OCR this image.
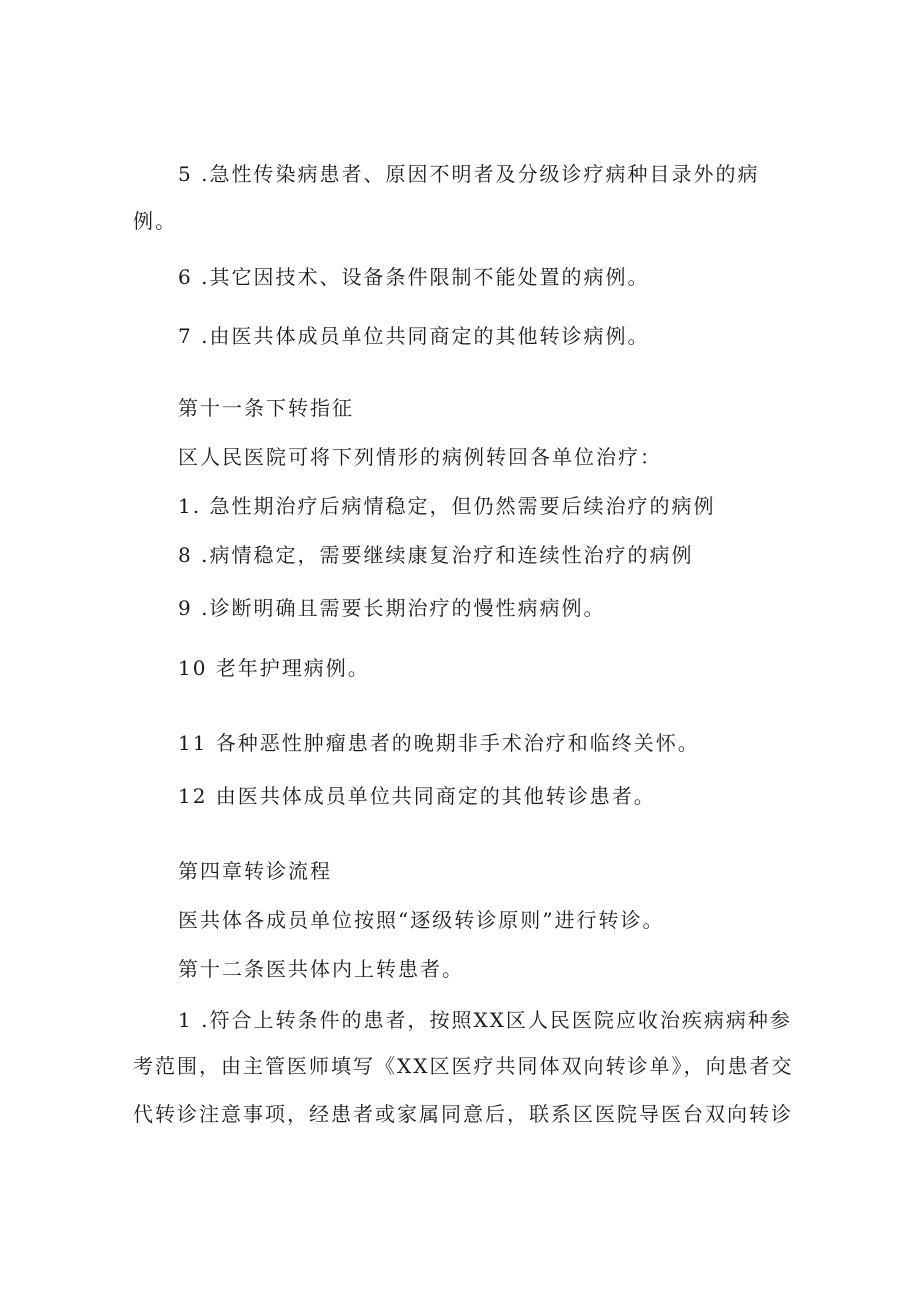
5 .急性传染病患者、原因不明者及分级诊疗病种目录外的病
例。
6 .其它因技术、设备条件限制不能处置的病例。
7 .由医共体成员单位共同商定的其他转诊病例。
第十一条下转指征
区人民医院可将下列情形的病例转回各单位治疗：
1. 急性期治疗后病情稳定，但仍然需要后续治疗的病例
8 .病情稳定，需要继续康复治疗和连续性治疗的病例
9 .诊断明确且需要长期治疗的慢性病病例。
10 老年护理病例。
11 各种恶性肿瘤患者的晚期非手术治疗和临终关怀。
12 由医共体成员单位共同商定的其他转诊患者。
第四章转诊流程
医共体各成员单位按照“逐级转诊原则”进行转诊。
第十二条医共体内上转患者。
1 .符合上转条件的患者，按照XX区人民医院应收治疾病病种参
考范围，由主管医师填写《XX区医疗共同体双向转诊单》，向患者交
代转诊注意事项，经患者或家属同意后，联系区医院导医台双向转诊
